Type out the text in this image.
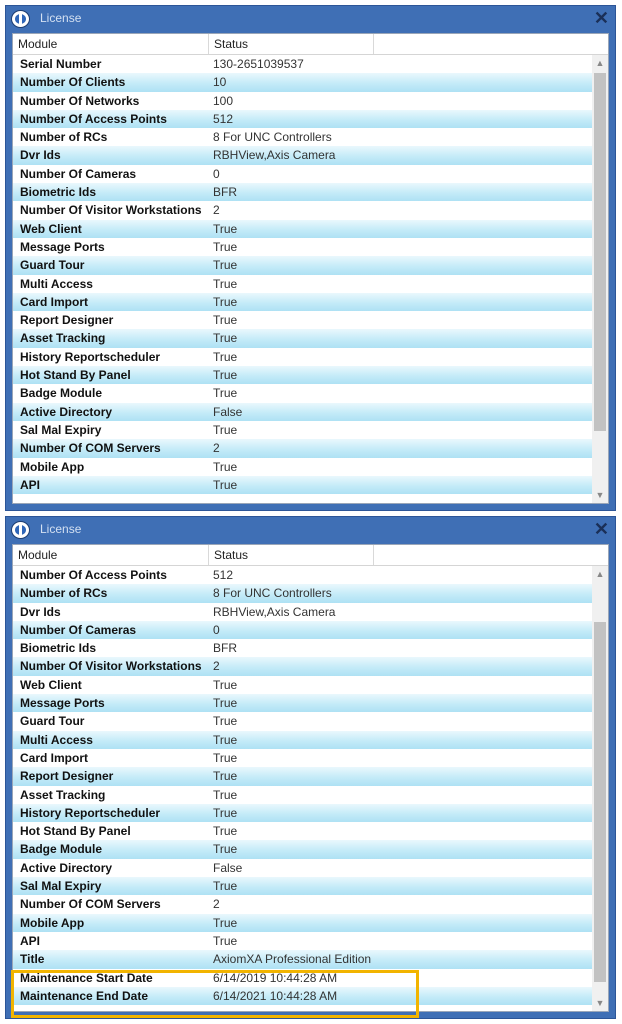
License	✕
Module	Status
Serial Number	130-2651039537
Number Of Clients	10
Number Of Networks	100
Number Of Access Points	512
Number of RCs	8 For UNC Controllers
Dvr Ids	RBHView,Axis Camera
Number Of Cameras	0
Biometric Ids	BFR
Number Of Visitor Workstations 2
Web Client	True
Message Ports	True
Guard Tour	True
Multi Access	True
Card Import	True
Report Designer	True
Asset Tracking	True
History Reportscheduler	True
Hot Stand By Panel	True
Badge Module	True
Active Directory	False
Sal Mal Expiry	True
Number Of COM Servers	2
Mobile App	True
API	True
▲
▼
License	✕
Module	Status
Number Of Access Points	512
Number of RCs	8 For UNC Controllers
Dvr Ids	RBHView,Axis Camera
Number Of Cameras	0
Biometric Ids	BFR
Number Of Visitor Workstations 2
Web Client	True
Message Ports	True
Guard Tour	True
Multi Access	True
Card Import	True
Report Designer	True
Asset Tracking	True
History Reportscheduler	True
Hot Stand By Panel	True
Badge Module	True
Active Directory	False
Sal Mal Expiry	True
Number Of COM Servers	2
Mobile App	True
API	True
Title	AxiomXA Professional Edition
Maintenance Start Date	6/14/2019 10:44:28 AM
Maintenance End Date	6/14/2021 10:44:28 AM
▲
▼
